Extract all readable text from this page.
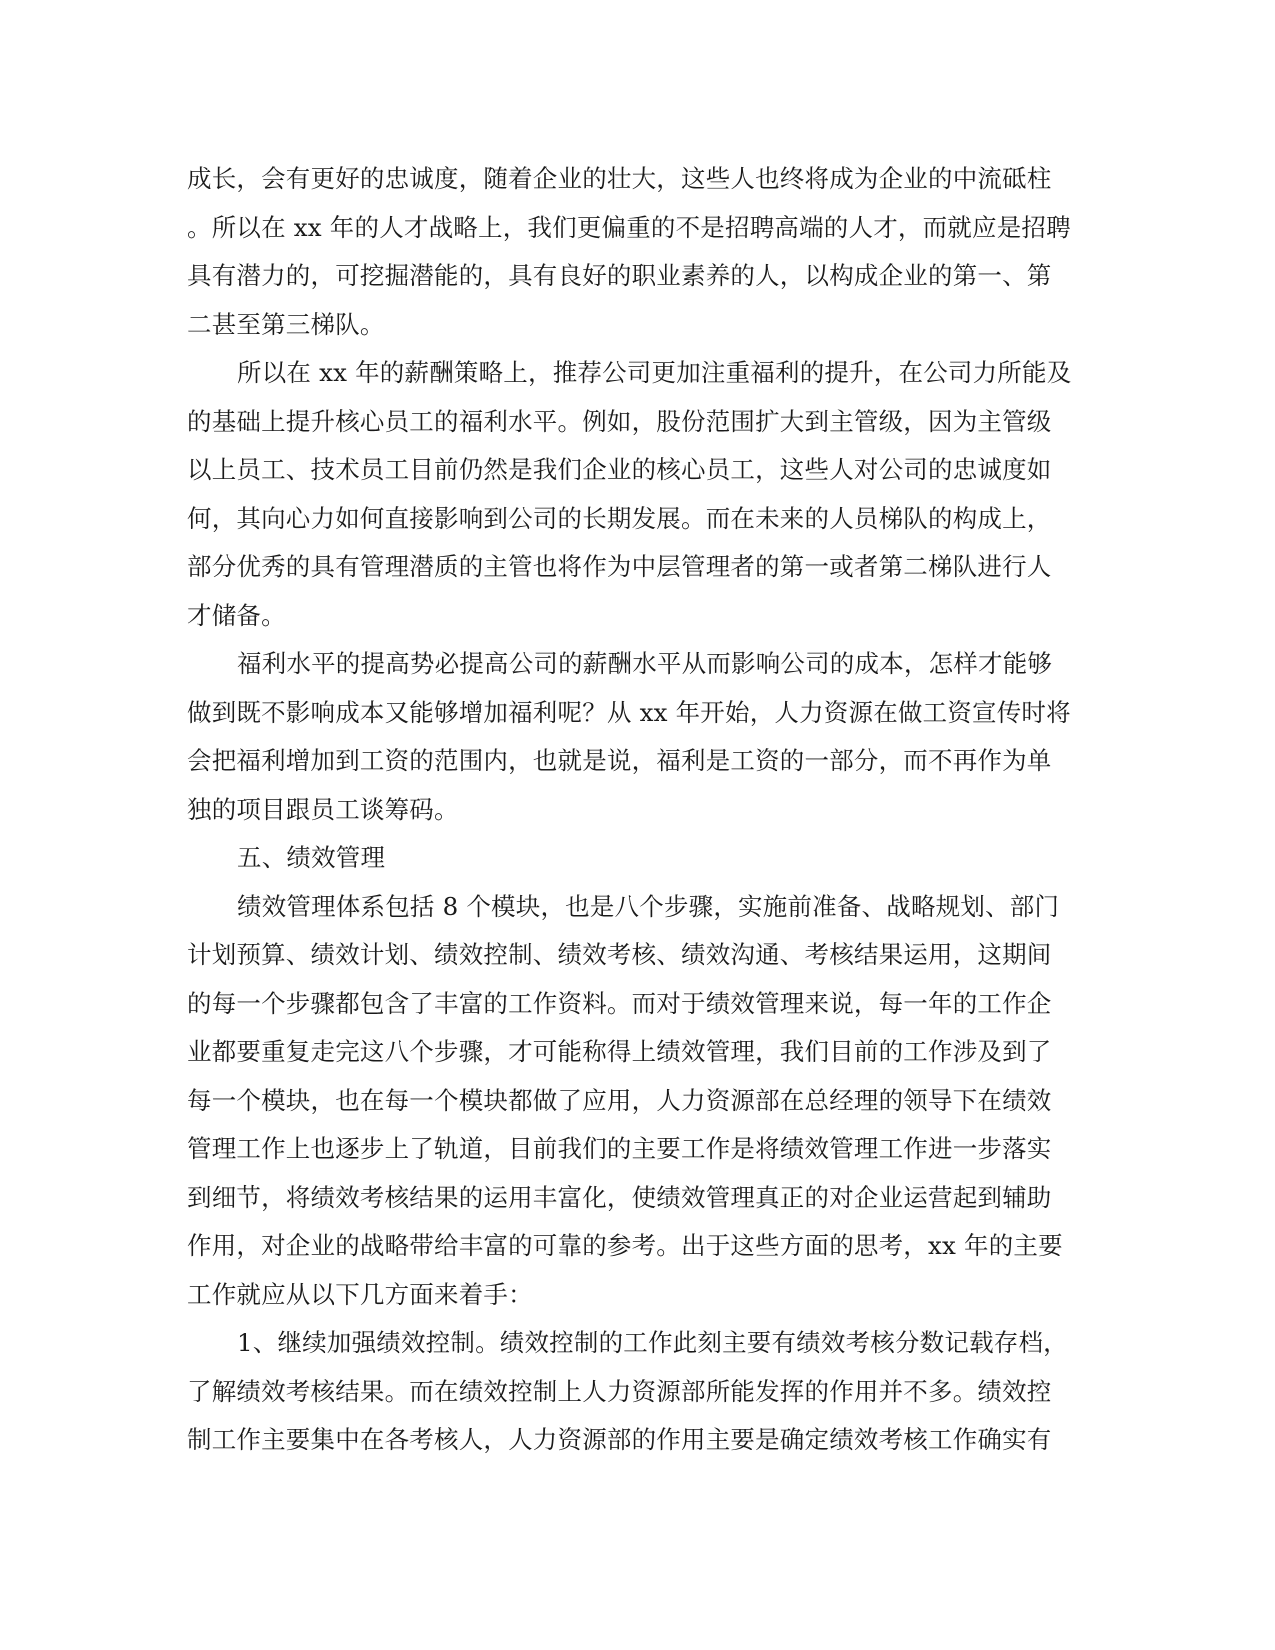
成长，会有更好的忠诚度，随着企业的壮大，这些人也终将成为企业的中流砥柱
。所以在 xx 年的人才战略上，我们更偏重的不是招聘高端的人才，而就应是招聘
具有潜力的，可挖掘潜能的，具有良好的职业素养的人，以构成企业的第一、第
二甚至第三梯队。
所以在 xx 年的薪酬策略上，推荐公司更加注重福利的提升，在公司力所能及
的基础上提升核心员工的福利水平。例如，股份范围扩大到主管级，因为主管级
以上员工、技术员工目前仍然是我们企业的核心员工，这些人对公司的忠诚度如
何，其向心力如何直接影响到公司的长期发展。而在未来的人员梯队的构成上，
部分优秀的具有管理潜质的主管也将作为中层管理者的第一或者第二梯队进行人
才储备。
福利水平的提高势必提高公司的薪酬水平从而影响公司的成本，怎样才能够
做到既不影响成本又能够增加福利呢？从 xx 年开始，人力资源在做工资宣传时将
会把福利增加到工资的范围内，也就是说，福利是工资的一部分，而不再作为单
独的项目跟员工谈筹码。
五、绩效管理
绩效管理体系包括 8 个模块，也是八个步骤，实施前准备、战略规划、部门
计划预算、绩效计划、绩效控制、绩效考核、绩效沟通、考核结果运用，这期间
的每一个步骤都包含了丰富的工作资料。而对于绩效管理来说，每一年的工作企
业都要重复走完这八个步骤，才可能称得上绩效管理，我们目前的工作涉及到了
每一个模块，也在每一个模块都做了应用，人力资源部在总经理的领导下在绩效
管理工作上也逐步上了轨道，目前我们的主要工作是将绩效管理工作进一步落实
到细节，将绩效考核结果的运用丰富化，使绩效管理真正的对企业运营起到辅助
作用，对企业的战略带给丰富的可靠的参考。出于这些方面的思考，xx 年的主要
工作就应从以下几方面来着手：
1、继续加强绩效控制。绩效控制的工作此刻主要有绩效考核分数记载存档，
了解绩效考核结果。而在绩效控制上人力资源部所能发挥的作用并不多。绩效控
制工作主要集中在各考核人，人力资源部的作用主要是确定绩效考核工作确实有
